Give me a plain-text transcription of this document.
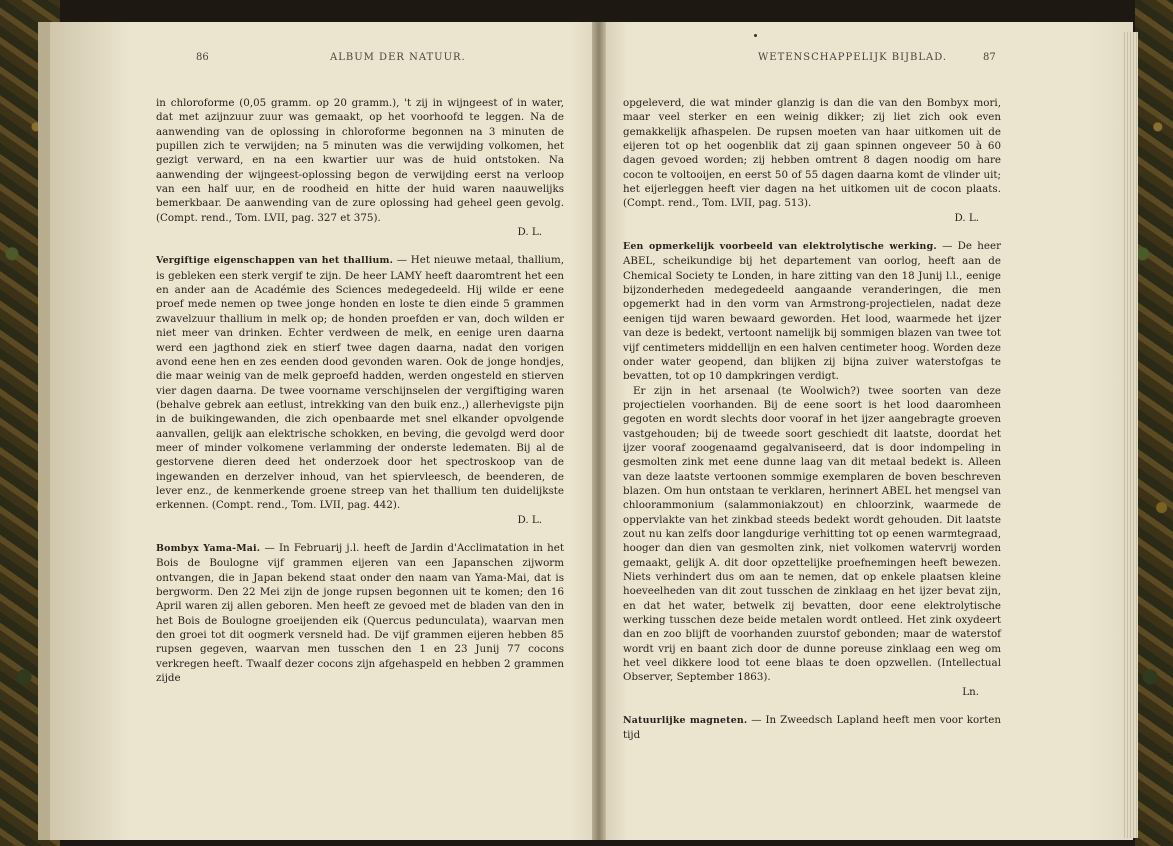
86	ALBUM DER NATUUR.	87
WETENSCHAPPELIJK BIJBLAD.

in chloroforme (0,05 gramm. op 20 gramm.), 't zij in wijngeest of in water, dat met azijnzuur zuur was gemaakt, op het voorhoofd te leggen. Na de aanwending van de oplossing in chloroforme begonnen na 3 minuten de pupillen zich te verwijden; na 5 minuten was die verwijding volkomen, het gezigt verward, en na een kwartier uur was de huid ontstoken. Na aanwending der wijngeest-oplossing begon de verwijding eerst na verloop van een half uur, en de roodheid en hitte der huid waren naauwelijks bemerkbaar. De aanwending van de zure oplossing had geheel geen gevolg. (Compt. rend., Tom. LVII, pag. 327 et 375).

D. L.

Vergiftige eigenschappen van het thallium. — Het nieuwe metaal, thallium, is gebleken een sterk vergif te zijn. De heer LAMY heeft daaromtrent het een en ander aan de Académie des Sciences medegedeeld. Hij wilde er eene proef mede nemen op twee jonge honden en loste te dien einde 5 grammen zwavelzuur thallium in melk op; de honden proefden er van, doch wilden er niet meer van drinken. Echter verdween de melk, en eenige uren daarna werd een jagthond ziek en stierf twee dagen daarna, nadat den vorigen avond eene hen en zes eenden dood gevonden waren. Ook de jonge hondjes, die maar weinig van de melk geproefd hadden, werden ongesteld en stierven vier dagen daarna. De twee voorname verschijnselen der vergiftiging waren (behalve gebrek aan eetlust, intrekking van den buik enz.,) allerhevigste pijn in de buikingewanden, die zich openbaarde met snel elkander opvolgende aanvallen, gelijk aan elektrische schokken, en beving, die gevolgd werd door meer of minder volkomene verlamming der onderste ledematen. Bij al de gestorvene dieren deed het onderzoek door het spectroskoop van de ingewanden en derzelver inhoud, van het spiervleesch, de beenderen, de lever enz., de kenmerkende groene streep van het thallium ten duidelijkste erkennen. (Compt. rend., Tom. LVII, pag. 442).

D. L.

Bombyx Yama-Mai. — In Februarij j.l. heeft de Jardin d'Acclimatation in het Bois de Boulogne vijf grammen eijeren van een Japanschen zijworm ontvangen, die in Japan bekend staat onder den naam van Yama-Mai, dat is bergworm. Den 22 Mei zijn de jonge rupsen begonnen uit te komen; den 16 April waren zij allen geboren. Men heeft ze gevoed met de bladen van den in het Bois de Boulogne groeijenden eik (Quercus pedunculata), waarvan men den groei tot dit oogmerk versneld had. De vijf grammen eijeren hebben 85 rupsen gegeven, waarvan men tusschen den 1 en 23 Junij 77 cocons verkregen heeft. Twaalf dezer cocons zijn afgehaspeld en hebben 2 grammen zijde

opgeleverd, die wat minder glanzig is dan die van den Bombyx mori, maar veel sterker en een weinig dikker; zij liet zich ook even gemakkelijk afhaspelen. De rupsen moeten van haar uitkomen uit de eijeren tot op het oogenblik dat zij gaan spinnen ongeveer 50 à 60 dagen gevoed worden; zij hebben omtrent 8 dagen noodig om hare cocon te voltooijen, en eerst 50 of 55 dagen daarna komt de vlinder uit; het eijerleggen heeft vier dagen na het uitkomen uit de cocon plaats. (Compt. rend., Tom. LVII, pag. 513).

D. L.

Een opmerkelijk voorbeeld van elektrolytische werking. — De heer ABEL, scheikundige bij het departement van oorlog, heeft aan de Chemical Society te Londen, in hare zitting van den 18 Junij l.l., eenige bijzonderheden medegedeeld aangaande veranderingen, die men opgemerkt had in den vorm van Armstrong-projectielen, nadat deze eenigen tijd waren bewaard geworden. Het lood, waarmede het ijzer van deze is bedekt, vertoont namelijk bij sommigen blazen van twee tot vijf centimeters middellijn en een halven centimeter hoog. Worden deze onder water geopend, dan blijken zij bijna zuiver waterstofgas te bevatten, tot op 10 dampkringen verdigt.

Er zijn in het arsenaal (te Woolwich?) twee soorten van deze projectielen voorhanden. Bij de eene soort is het lood daaromheen gegoten en wordt slechts door vooraf in het ijzer aangebragte groeven vastgehouden; bij de tweede soort geschiedt dit laatste, doordat het ijzer vooraf zoogenaamd gegalvaniseerd, dat is door indompeling in gesmolten zink met eene dunne laag van dit metaal bedekt is. Alleen van deze laatste vertoonen sommige exemplaren de boven beschreven blazen. Om hun ontstaan te verklaren, herinnert ABEL het mengsel van chloorammonium (salammoniakzout) en chloorzink, waarmede de oppervlakte van het zinkbad steeds bedekt wordt gehouden. Dit laatste zout nu kan zelfs door langdurige verhitting tot op eenen warmtegraad, hooger dan dien van gesmolten zink, niet volkomen watervrij worden gemaakt, gelijk A. dit door opzettelijke proefnemingen heeft bewezen. Niets verhindert dus om aan te nemen, dat op enkele plaatsen kleine hoeveelheden van dit zout tusschen de zinklaag en het ijzer bevat zijn, en dat het water, betwelk zij bevatten, door eene elektrolytische werking tusschen deze beide metalen wordt ontleed. Het zink oxydeert dan en zoo blijft de voorhanden zuurstof gebonden; maar de waterstof wordt vrij en baant zich door de dunne poreuse zinklaag een weg om het veel dikkere lood tot eene blaas te doen opzwellen. (Intellectual Observer, September 1863).

Ln.

Natuurlijke magneten. — In Zweedsch Lapland heeft men voor korten tijd
